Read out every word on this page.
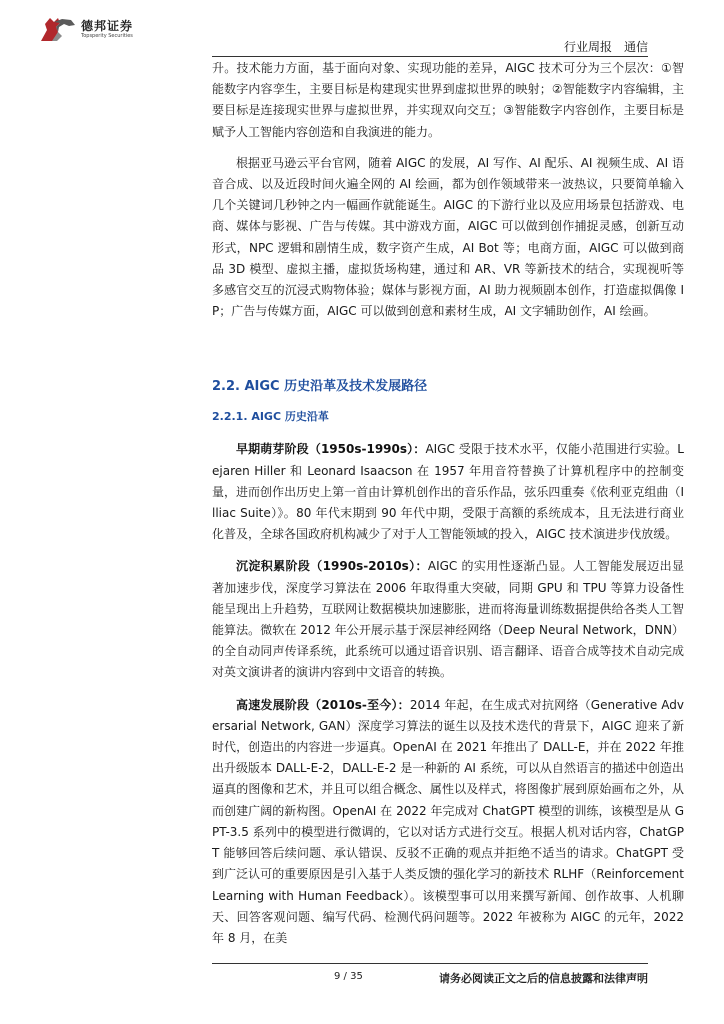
德邦证券
Topsperity Securities
行业周报　通信

升。技术能力方面，基于面向对象、实现功能的差异，AIGC 技术可分为三个层次：①智能数字内容孪生，主要目标是构建现实世界到虚拟世界的映射；②智能数字内容编辑，主要目标是连接现实世界与虚拟世界，并实现双向交互；③智能数字内容创作，主要目标是赋予人工智能内容创造和自我演进的能力。

根据亚马逊云平台官网，随着 AIGC 的发展，AI 写作、AI 配乐、AI 视频生成、AI 语音合成、以及近段时间火遍全网的 AI 绘画，都为创作领域带来一波热议，只要简单输入几个关键词几秒钟之内一幅画作就能诞生。AIGC 的下游行业以及应用场景包括游戏、电商、媒体与影视、广告与传媒。其中游戏方面，AIGC 可以做到创作捕捉灵感，创新互动形式，NPC 逻辑和剧情生成，数字资产生成，AI Bot 等；电商方面，AIGC 可以做到商品 3D 模型、虚拟主播，虚拟货场构建，通过和 AR、VR 等新技术的结合，实现视听等多感官交互的沉浸式购物体验；媒体与影视方面，AI 助力视频剧本创作，打造虚拟偶像 IP；广告与传媒方面，AIGC 可以做到创意和素材生成，AI 文字辅助创作，AI 绘画。

2.2. AIGC 历史沿革及技术发展路径
2.2.1. AIGC 历史沿革

早期萌芽阶段（1950s-1990s）：AIGC 受限于技术水平，仅能小范围进行实验。Lejaren Hiller 和 Leonard Isaacson 在 1957 年用音符替换了计算机程序中的控制变量，进而创作出历史上第一首由计算机创作出的音乐作品，弦乐四重奏《依利亚克组曲（Illiac Suite）》。80 年代末期到 90 年代中期，受限于高额的系统成本，且无法进行商业化普及，全球各国政府机构减少了对于人工智能领域的投入，AIGC 技术演进步伐放缓。

沉淀积累阶段（1990s-2010s）：AIGC 的实用性逐渐凸显。人工智能发展迈出显著加速步伐，深度学习算法在 2006 年取得重大突破，同期 GPU 和 TPU 等算力设备性能呈现出上升趋势，互联网让数据模块加速膨胀，进而将海量训练数据提供给各类人工智能算法。微软在 2012 年公开展示基于深层神经网络（Deep Neural Network，DNN）的全自动同声传译系统，此系统可以通过语音识别、语言翻译、语音合成等技术自动完成对英文演讲者的演讲内容到中文语音的转换。

高速发展阶段（2010s-至今）：2014 年起，在生成式对抗网络（Generative Adversarial Network, GAN）深度学习算法的诞生以及技术迭代的背景下，AIGC 迎来了新时代，创造出的内容进一步逼真。OpenAI 在 2021 年推出了 DALL-E，并在 2022 年推出升级版本 DALL-E-2，DALL-E-2 是一种新的 AI 系统，可以从自然语言的描述中创造出逼真的图像和艺术，并且可以组合概念、属性以及样式，将图像扩展到原始画布之外，从而创建广阔的新构图。OpenAI 在 2022 年完成对 ChatGPT 模型的训练，该模型是从 GPT-3.5 系列中的模型进行微调的，它以对话方式进行交互。根据人机对话内容，ChatGPT 能够回答后续问题、承认错误、反驳不正确的观点并拒绝不适当的请求。ChatGPT 受到广泛认可的重要原因是引入基于人类反馈的强化学习的新技术 RLHF（Reinforcement Learning with Human Feedback）。该模型事可以用来撰写新闻、创作故事、人机聊天、回答客观问题、编写代码、检测代码问题等。2022 年被称为 AIGC 的元年，2022 年 8 月，在美

9 / 35	请务必阅读正文之后的信息披露和法律声明
